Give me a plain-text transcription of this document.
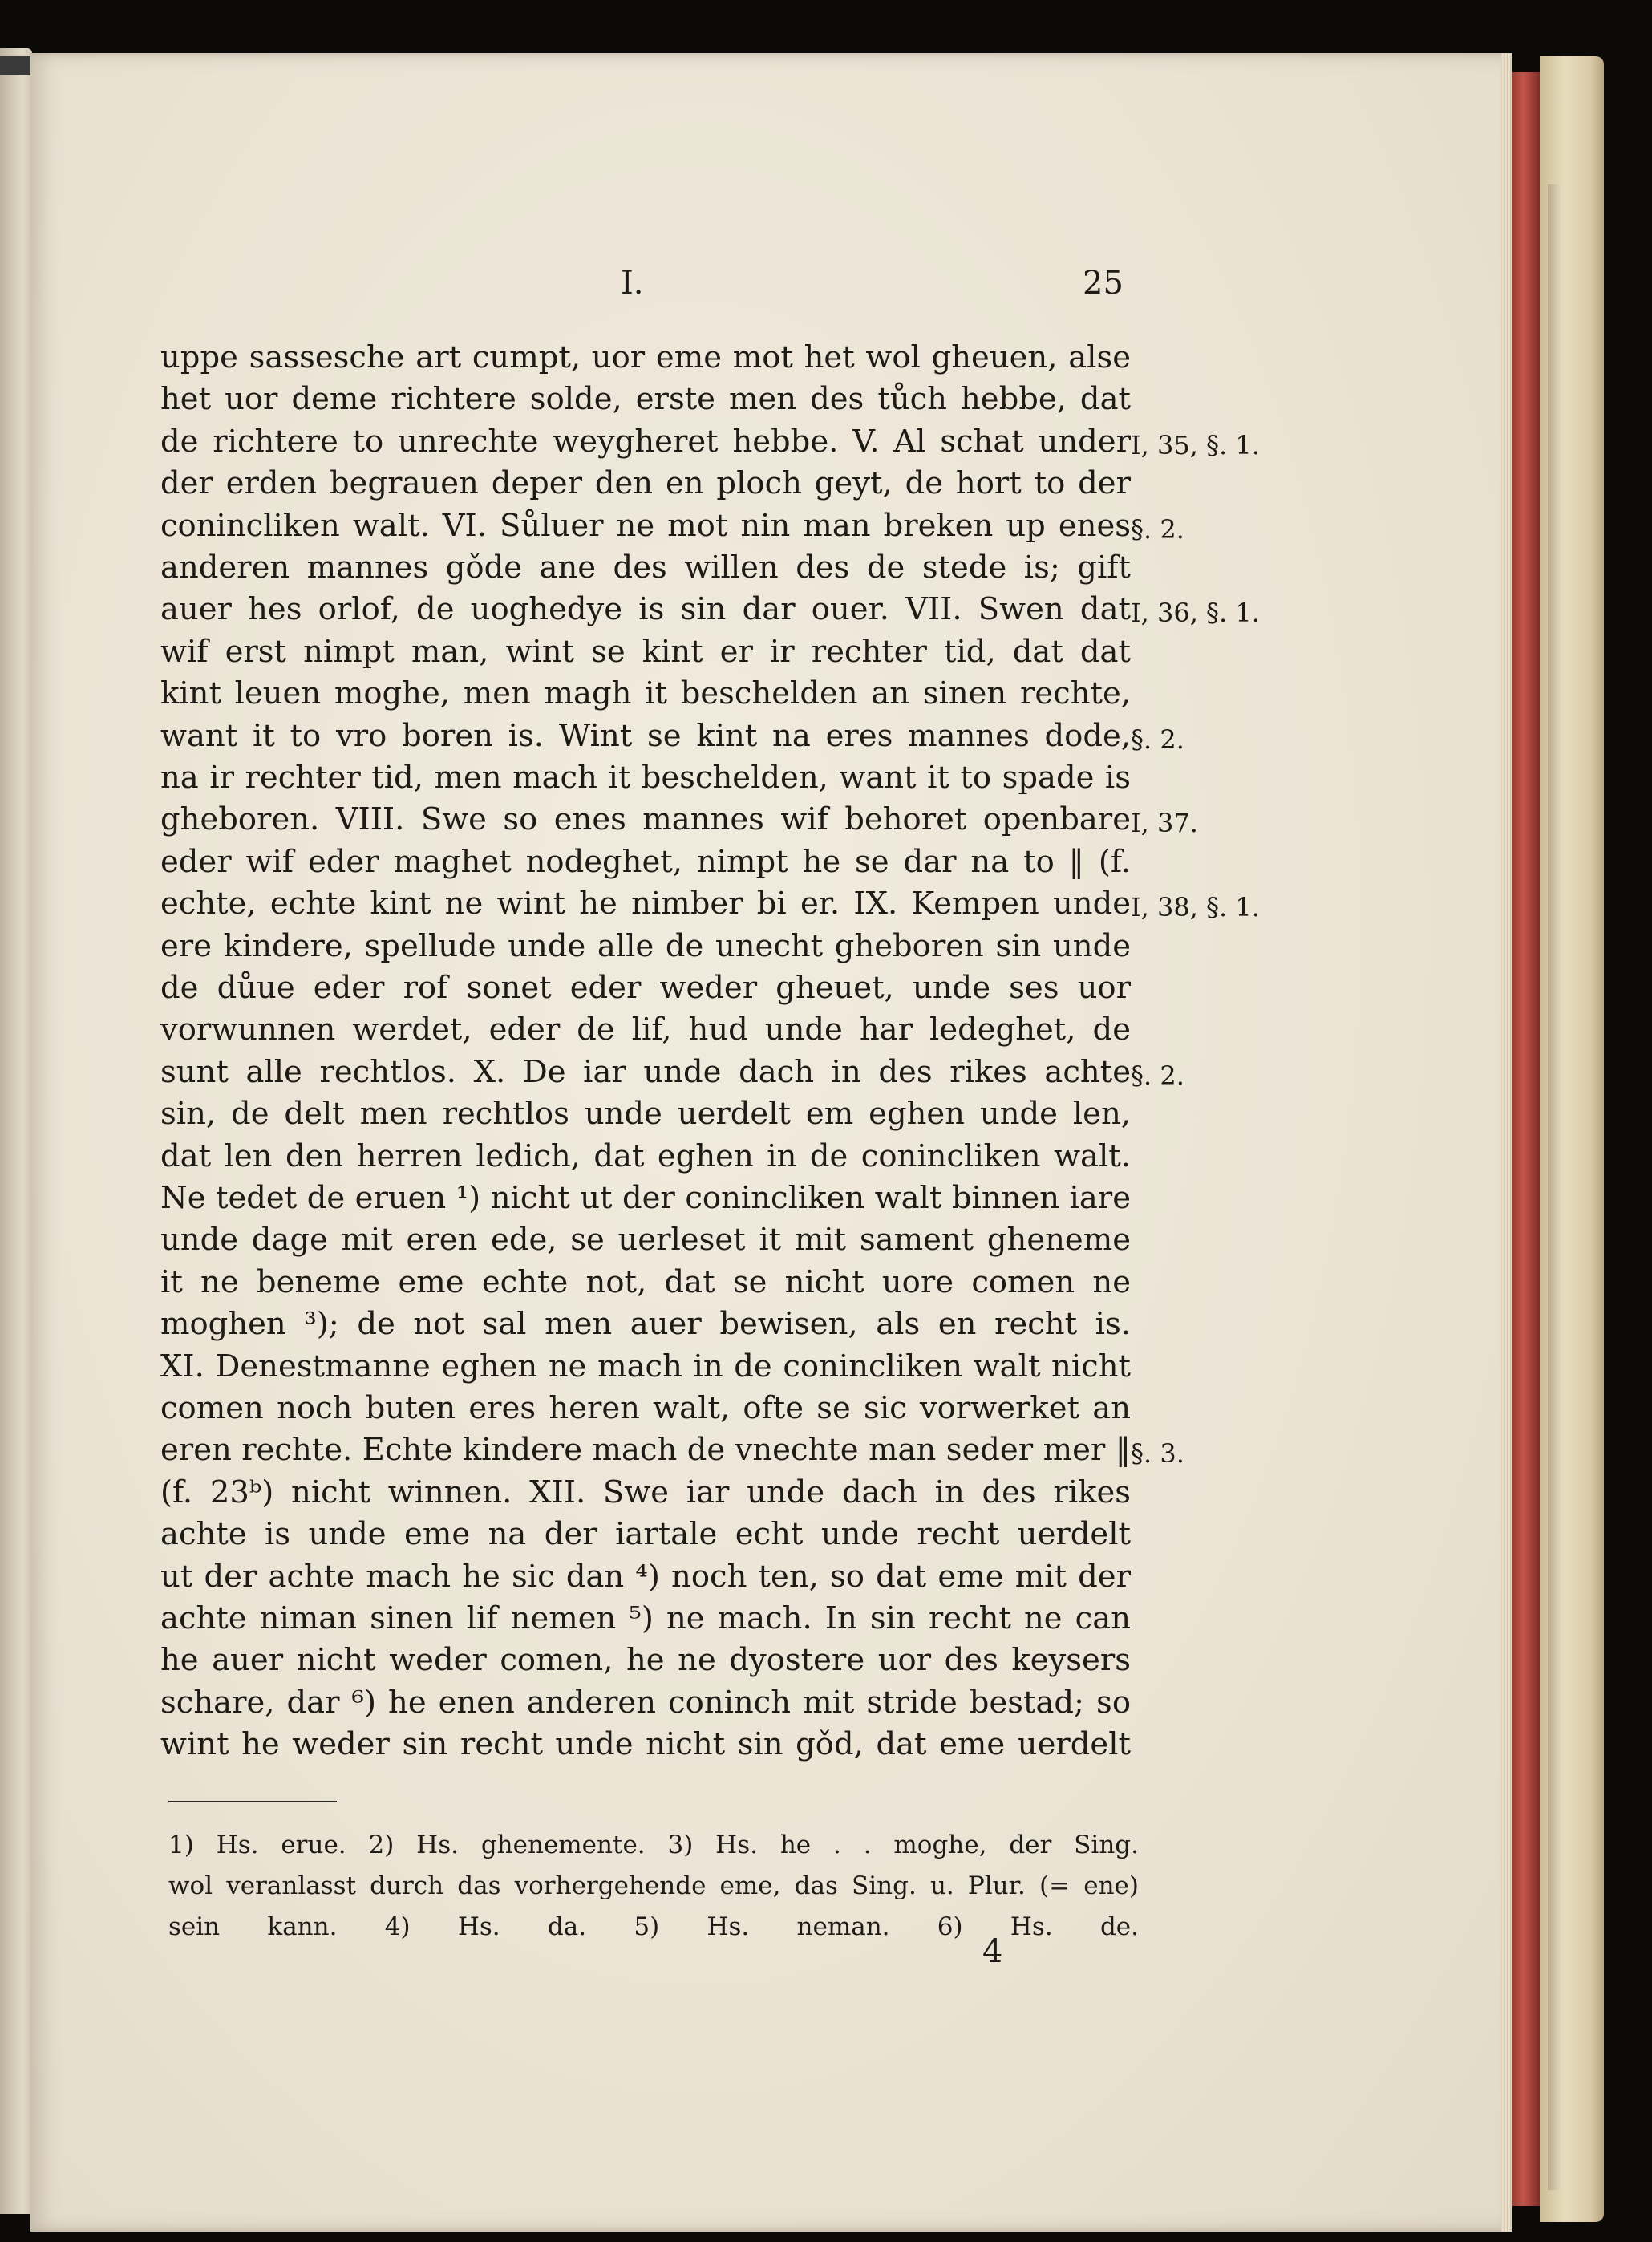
I.	25
uppe sassesche art cumpt, uor eme mot het wol gheuen, alse
het uor deme richtere solde, erste men des tůch hebbe, dat
de richtere to unrechte weygheret hebbe. V. Al schat under I, 35, §. 1.
der erden begrauen deper den en ploch geyt, de hort to der
conincliken walt. VI. Sůluer ne mot nin man breken up enes §. 2.
anderen mannes gǒde ane des willen des de stede is; gift
auer hes orlof, de uoghedye is sin dar ouer. VII. Swen dat I, 36, §. 1.
wif erst nimpt man, wint se kint er ir rechter tid, dat dat
kint leuen moghe, men magh it beschelden an sinen rechte,
want it to vro boren is. Wint se kint na eres mannes dode, §. 2.
na ir rechter tid, men mach it beschelden, want it to spade is
gheboren. VIII. Swe so enes mannes wif behoret openbare I, 37.
eder wif eder maghet nodeghet, nimpt he se dar na to ‖ (f.
echte, echte kint ne wint he nimber bi er. IX. Kempen unde I, 38, §. 1.
ere kindere, spellude unde alle de unecht gheboren sin unde
de důue eder rof sonet eder weder gheuet, unde ses uor
vorwunnen werdet, eder de lif, hud unde har ledeghet, de
sunt alle rechtlos. X. De iar unde dach in des rikes achte §. 2.
sin, de delt men rechtlos unde uerdelt em eghen unde len,
dat len den herren ledich, dat eghen in de conincliken walt.
Ne tedet de eruen ¹) nicht ut der conincliken walt binnen iare
unde dage mit eren ede, se uerleset it mit sament gheneme
it ne beneme eme echte not, dat se nicht uore comen ne
moghen ³); de not sal men auer bewisen, als en recht is.
XI. Denestmanne eghen ne mach in de conincliken walt nicht
comen noch buten eres heren walt, ofte se sic vorwerket an
eren rechte. Echte kindere mach de vnechte man seder mer ‖ §. 3.
(f. 23ᵇ) nicht winnen. XII. Swe iar unde dach in des rikes
achte is unde eme na der iartale echt unde recht uerdelt
ut der achte mach he sic dan ⁴) noch ten, so dat eme mit der
achte niman sinen lif nemen ⁵) ne mach. In sin recht ne can
he auer nicht weder comen, he ne dyostere uor des keysers
schare, dar ⁶) he enen anderen coninch mit stride bestad; so
wint he weder sin recht unde nicht sin gǒd, dat eme uerdelt
1) Hs. erue. 2) Hs. ghenemente. 3) Hs. he . . moghe, der Sing.
wol veranlasst durch das vorhergehende eme, das Sing. u. Plur. (= ene)
sein kann. 4) Hs. da. 5) Hs. neman. 6) Hs. de.
4
